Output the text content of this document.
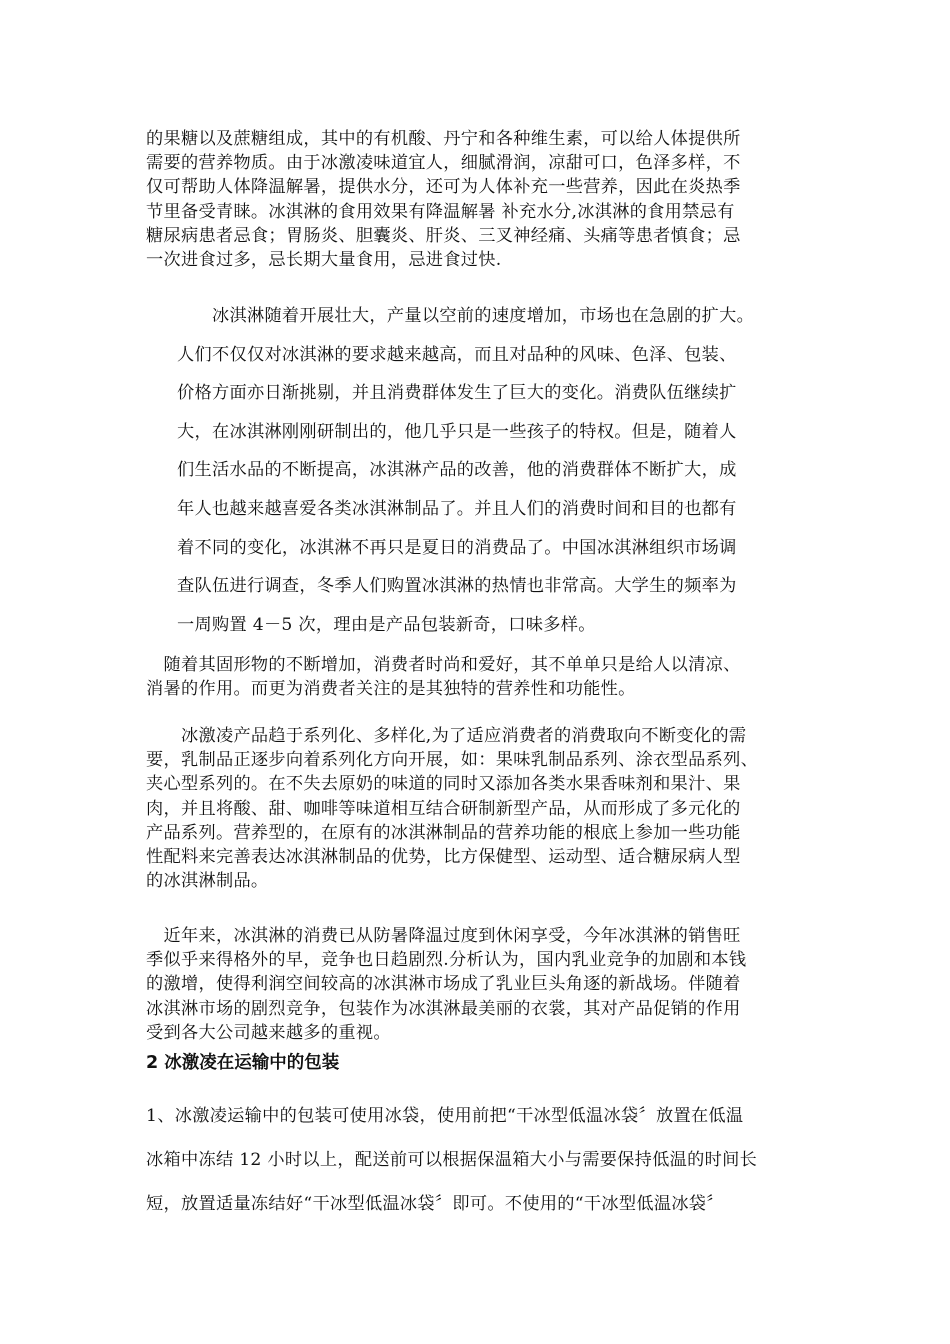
的果糖以及蔗糖组成，其中的有机酸、丹宁和各种维生素，可以给人体提供所
需要的营养物质。由于冰激凌味道宜人，细腻滑润，凉甜可口，色泽多样，不
仅可帮助人体降温解暑，提供水分，还可为人体补充一些营养，因此在炎热季
节里备受青睐。冰淇淋的食用效果有降温解暑 补充水分,冰淇淋的食用禁忌有
糖尿病患者忌食；胃肠炎、胆囊炎、肝炎、三叉神经痛、头痛等患者慎食；忌
一次进食过多，忌长期大量食用，忌进食过快.
　　冰淇淋随着开展壮大，产量以空前的速度增加，市场也在急剧的扩大。
人们不仅仅对冰淇淋的要求越来越高，而且对品种的风味、色泽、包装、
价格方面亦日渐挑剔，并且消费群体发生了巨大的变化。消费队伍继续扩
大，在冰淇淋刚刚研制出的，他几乎只是一些孩子的特权。但是，随着人
们生活水品的不断提高，冰淇淋产品的改善，他的消费群体不断扩大，成
年人也越来越喜爱各类冰淇淋制品了。并且人们的消费时间和目的也都有
着不同的变化，冰淇淋不再只是夏日的消费品了。中国冰淇淋组织市场调
查队伍进行调查，冬季人们购置冰淇淋的热情也非常高。大学生的频率为
一周购置 4－5 次，理由是产品包装新奇，口味多样。
　随着其固形物的不断增加，消费者时尚和爱好，其不单单只是给人以清凉、
消暑的作用。而更为消费者关注的是其独特的营养性和功能性。
　　冰激凌产品趋于系列化、多样化,为了适应消费者的消费取向不断变化的需
要，乳制品正逐步向着系列化方向开展，如：果味乳制品系列、涂衣型品系列、
夹心型系列的。在不失去原奶的味道的同时又添加各类水果香味剂和果汁、果
肉，并且将酸、甜、咖啡等味道相互结合研制新型产品，从而形成了多元化的
产品系列。营养型的，在原有的冰淇淋制品的营养功能的根底上参加一些功能
性配料来完善表达冰淇淋制品的优势，比方保健型、运动型、适合糖尿病人型
的冰淇淋制品。
　近年来，冰淇淋的消费已从防暑降温过度到休闲享受，今年冰淇淋的销售旺
季似乎来得格外的早，竞争也日趋剧烈.分析认为，国内乳业竞争的加剧和本钱
的激增，使得利润空间较高的冰淇淋市场成了乳业巨头角逐的新战场。伴随着
冰淇淋市场的剧烈竞争，包装作为冰淇淋最美丽的衣裳，其对产品促销的作用
受到各大公司越来越多的重视。
2 冰激凌在运输中的包装
1、冰激凌运输中的包装可使用冰袋，使用前把“干冰型低温冰袋〞放置在低温
冰箱中冻结 12 小时以上，配送前可以根据保温箱大小与需要保持低温的时间长
短，放置适量冻结好“干冰型低温冰袋〞即可。不使用的“干冰型低温冰袋〞
